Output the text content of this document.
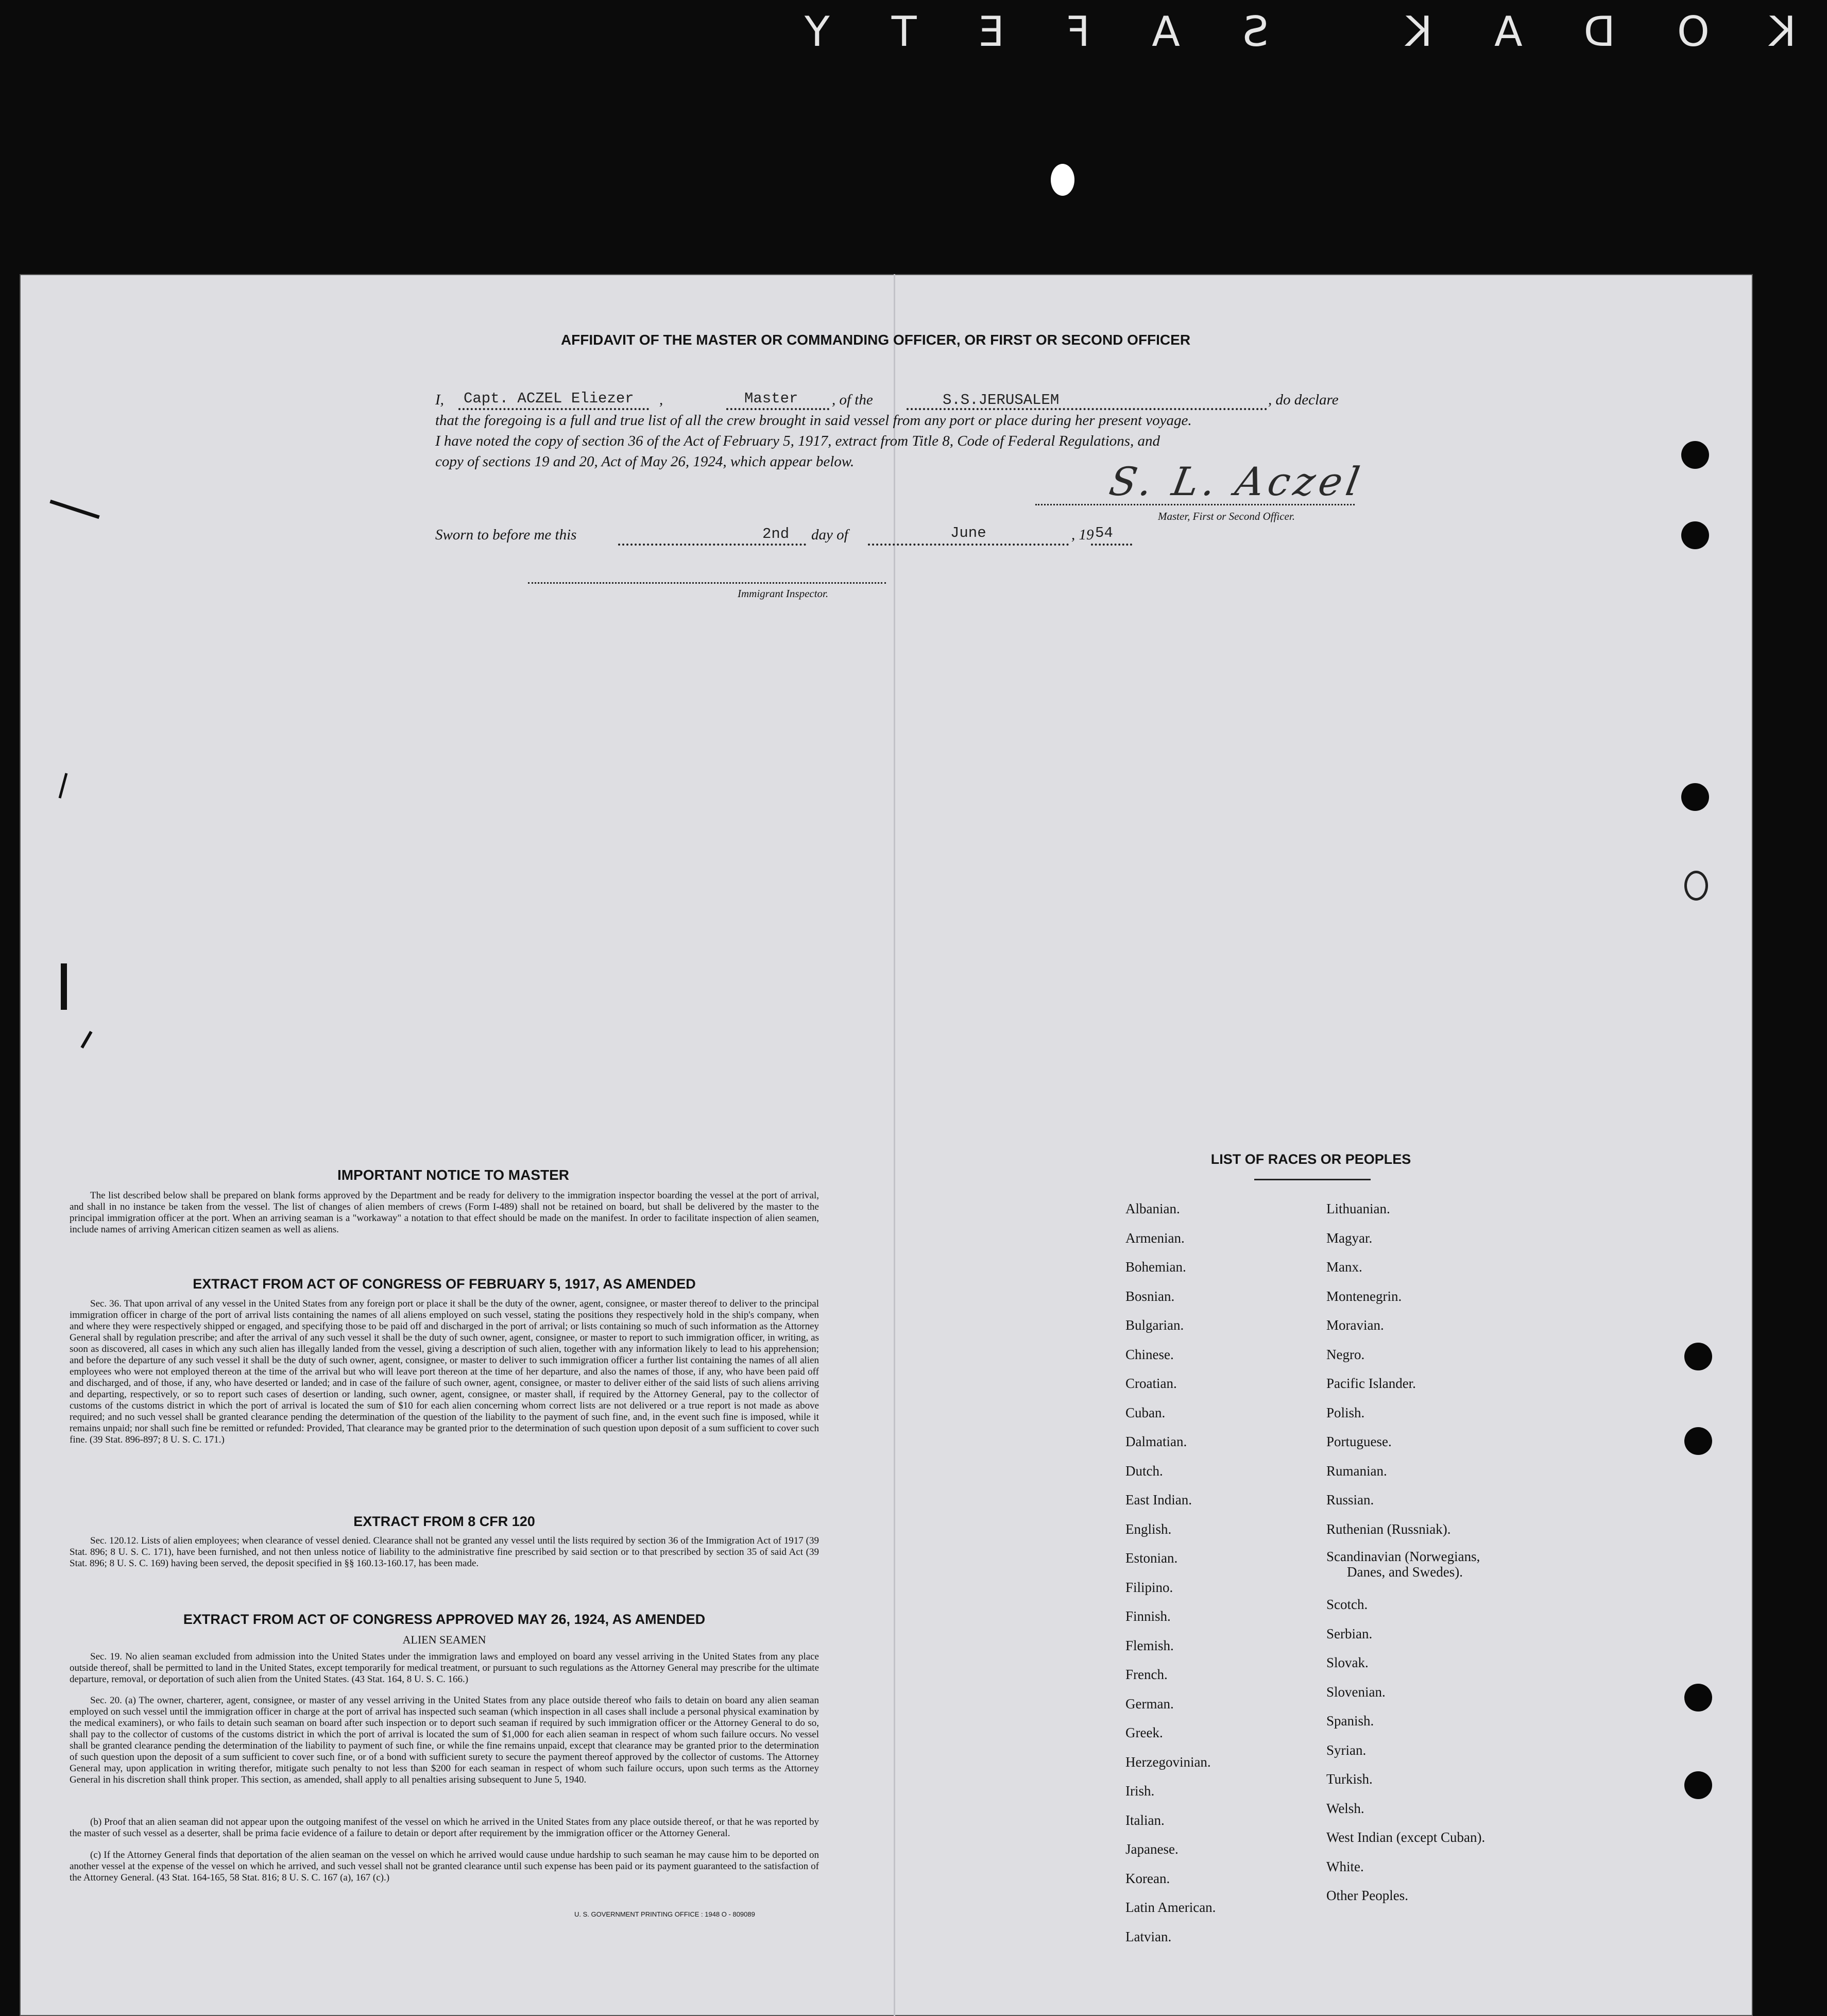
KODAK SAFETY
AFFIDAVIT OF THE MASTER OR COMMANDING OFFICER, OR FIRST OR SECOND OFFICER
I, Capt. ACZEL Eliezer ,	Master , of the	S.S.JERUSALEM	, do declare
that the foregoing is a full and true list of all the crew brought in said vessel from any port or place during her present voyage.
I have noted the copy of section 36 of the Act of February 5, 1917, extract from Title 8, Code of Federal Regulations, and
copy of sections 19 and 20, Act of May 26, 1924, which appear below.	S. L. Aczel
Master, First or Second Officer.
Sworn to before me this	2nd day of	June	, 19 54
Immigrant Inspector.
IMPORTANT NOTICE TO MASTER

The list described below shall be prepared on blank forms approved by the Department and be ready for delivery to the immigration inspector boarding the vessel at the port of arrival, and shall in no instance be taken from the vessel. The list of changes of alien members of crews (Form I-489) shall not be retained on board, but shall be delivered by the master to the principal immigration officer at the port. When an arriving seaman is a "workaway" a notation to that effect should be made on the manifest. In order to facilitate inspection of alien seamen, include names of arriving American citizen seamen as well as aliens.

EXTRACT FROM ACT OF CONGRESS OF FEBRUARY 5, 1917, AS AMENDED

Sec. 36. That upon arrival of any vessel in the United States from any foreign port or place it shall be the duty of the owner, agent, consignee, or master thereof to deliver to the principal immigration officer in charge of the port of arrival lists containing the names of all aliens employed on such vessel, stating the positions they respectively hold in the ship's company, when and where they were respectively shipped or engaged, and specifying those to be paid off and discharged in the port of arrival; or lists containing so much of such information as the Attorney General shall by regulation prescribe; and after the arrival of any such vessel it shall be the duty of such owner, agent, consignee, or master to report to such immigration officer, in writing, as soon as discovered, all cases in which any such alien has illegally landed from the vessel, giving a description of such alien, together with any information likely to lead to his apprehension; and before the departure of any such vessel it shall be the duty of such owner, agent, consignee, or master to deliver to such immigration officer a further list containing the names of all alien employees who were not employed thereon at the time of the arrival but who will leave port thereon at the time of her departure, and also the names of those, if any, who have been paid off and discharged, and of those, if any, who have deserted or landed; and in case of the failure of such owner, agent, consignee, or master to deliver either of the said lists of such aliens arriving and departing, respectively, or so to report such cases of desertion or landing, such owner, agent, consignee, or master shall, if required by the Attorney General, pay to the collector of customs of the customs district in which the port of arrival is located the sum of $10 for each alien concerning whom correct lists are not delivered or a true report is not made as above required; and no such vessel shall be granted clearance pending the determination of the question of the liability to the payment of such fine, and, in the event such fine is imposed, while it remains unpaid; nor shall such fine be remitted or refunded: Provided, That clearance may be granted prior to the determination of such question upon deposit of a sum sufficient to cover such fine. (39 Stat. 896-897; 8 U. S. C. 171.)

EXTRACT FROM 8 CFR 120

Sec. 120.12. Lists of alien employees; when clearance of vessel denied. Clearance shall not be granted any vessel until the lists required by section 36 of the Immigration Act of 1917 (39 Stat. 896; 8 U. S. C. 171), have been furnished, and not then unless notice of liability to the administrative fine prescribed by said section or to that prescribed by section 35 of said Act (39 Stat. 896; 8 U. S. C. 169) having been served, the deposit specified in §§ 160.13-160.17, has been made.

EXTRACT FROM ACT OF CONGRESS APPROVED MAY 26, 1924, AS AMENDED
ALIEN SEAMEN

Sec. 19. No alien seaman excluded from admission into the United States under the immigration laws and employed on board any vessel arriving in the United States from any place outside thereof, shall be permitted to land in the United States, except temporarily for medical treatment, or pursuant to such regulations as the Attorney General may prescribe for the ultimate departure, removal, or deportation of such alien from the United States. (43 Stat. 164, 8 U. S. C. 166.)

Sec. 20. (a) The owner, charterer, agent, consignee, or master of any vessel arriving in the United States from any place outside thereof who fails to detain on board any alien seaman employed on such vessel until the immigration officer in charge at the port of arrival has inspected such seaman (which inspection in all cases shall include a personal physical examination by the medical examiners), or who fails to detain such seaman on board after such inspection or to deport such seaman if required by such immigration officer or the Attorney General to do so, shall pay to the collector of customs of the customs district in which the port of arrival is located the sum of $1,000 for each alien seaman in respect of whom such failure occurs. No vessel shall be granted clearance pending the determination of the liability to payment of such fine, or while the fine remains unpaid, except that clearance may be granted prior to the determination of such question upon the deposit of a sum sufficient to cover such fine, or of a bond with sufficient surety to secure the payment thereof approved by the collector of customs. The Attorney General may, upon application in writing therefor, mitigate such penalty to not less than $200 for each seaman in respect of whom such failure occurs, upon such terms as the Attorney General in his discretion shall think proper. This section, as amended, shall apply to all penalties arising subsequent to June 5, 1940.

(b) Proof that an alien seaman did not appear upon the outgoing manifest of the vessel on which he arrived in the United States from any place outside thereof, or that he was reported by the master of such vessel as a deserter, shall be prima facie evidence of a failure to detain or deport after requirement by the immigration officer or the Attorney General.

(c) If the Attorney General finds that deportation of the alien seaman on the vessel on which he arrived would cause undue hardship to such seaman he may cause him to be deported on another vessel at the expense of the vessel on which he arrived, and such vessel shall not be granted clearance until such expense has been paid or its payment guaranteed to the satisfaction of the Attorney General. (43 Stat. 164-165, 58 Stat. 816; 8 U. S. C. 167 (a), 167 (c).)

U. S. GOVERNMENT PRINTING OFFICE : 1948 O - 809089
LIST OF RACES OR PEOPLES
Albanian.
Armenian.
Bohemian.
Bosnian.
Bulgarian.
Chinese.
Croatian.
Cuban.
Dalmatian.
Dutch.
East Indian.
English.
Estonian.
Filipino.
Finnish.
Flemish.
French.
German.
Greek.
Herzegovinian.
Irish.
Italian.
Japanese.
Korean.
Latin American.
Latvian.
Lithuanian.
Magyar.
Manx.
Montenegrin.
Moravian.
Negro.
Pacific Islander.
Polish.
Portuguese.
Rumanian.
Russian.
Ruthenian (Russniak).
Scandinavian (Norwegians,
Danes, and Swedes).
Scotch.
Serbian.
Slovak.
Slovenian.
Spanish.
Syrian.
Turkish.
Welsh.
West Indian (except Cuban).
White.
Other Peoples.
